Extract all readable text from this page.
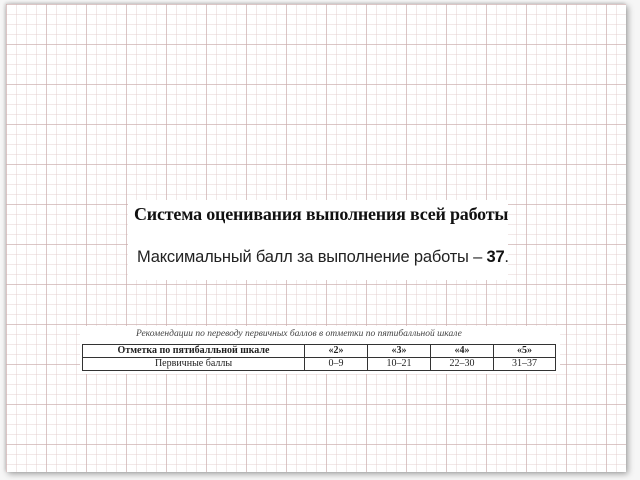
Система оценивания выполнения всей работы
Максимальный балл за выполнение работы – 37.
Рекомендации по переводу первичных баллов в отметки по пятибалльной шкале
Отметка по пятибалльной шкале	«2»	«3»	«4»	«5»
Первичные баллы	0–9	10–21	22–30	31–37
